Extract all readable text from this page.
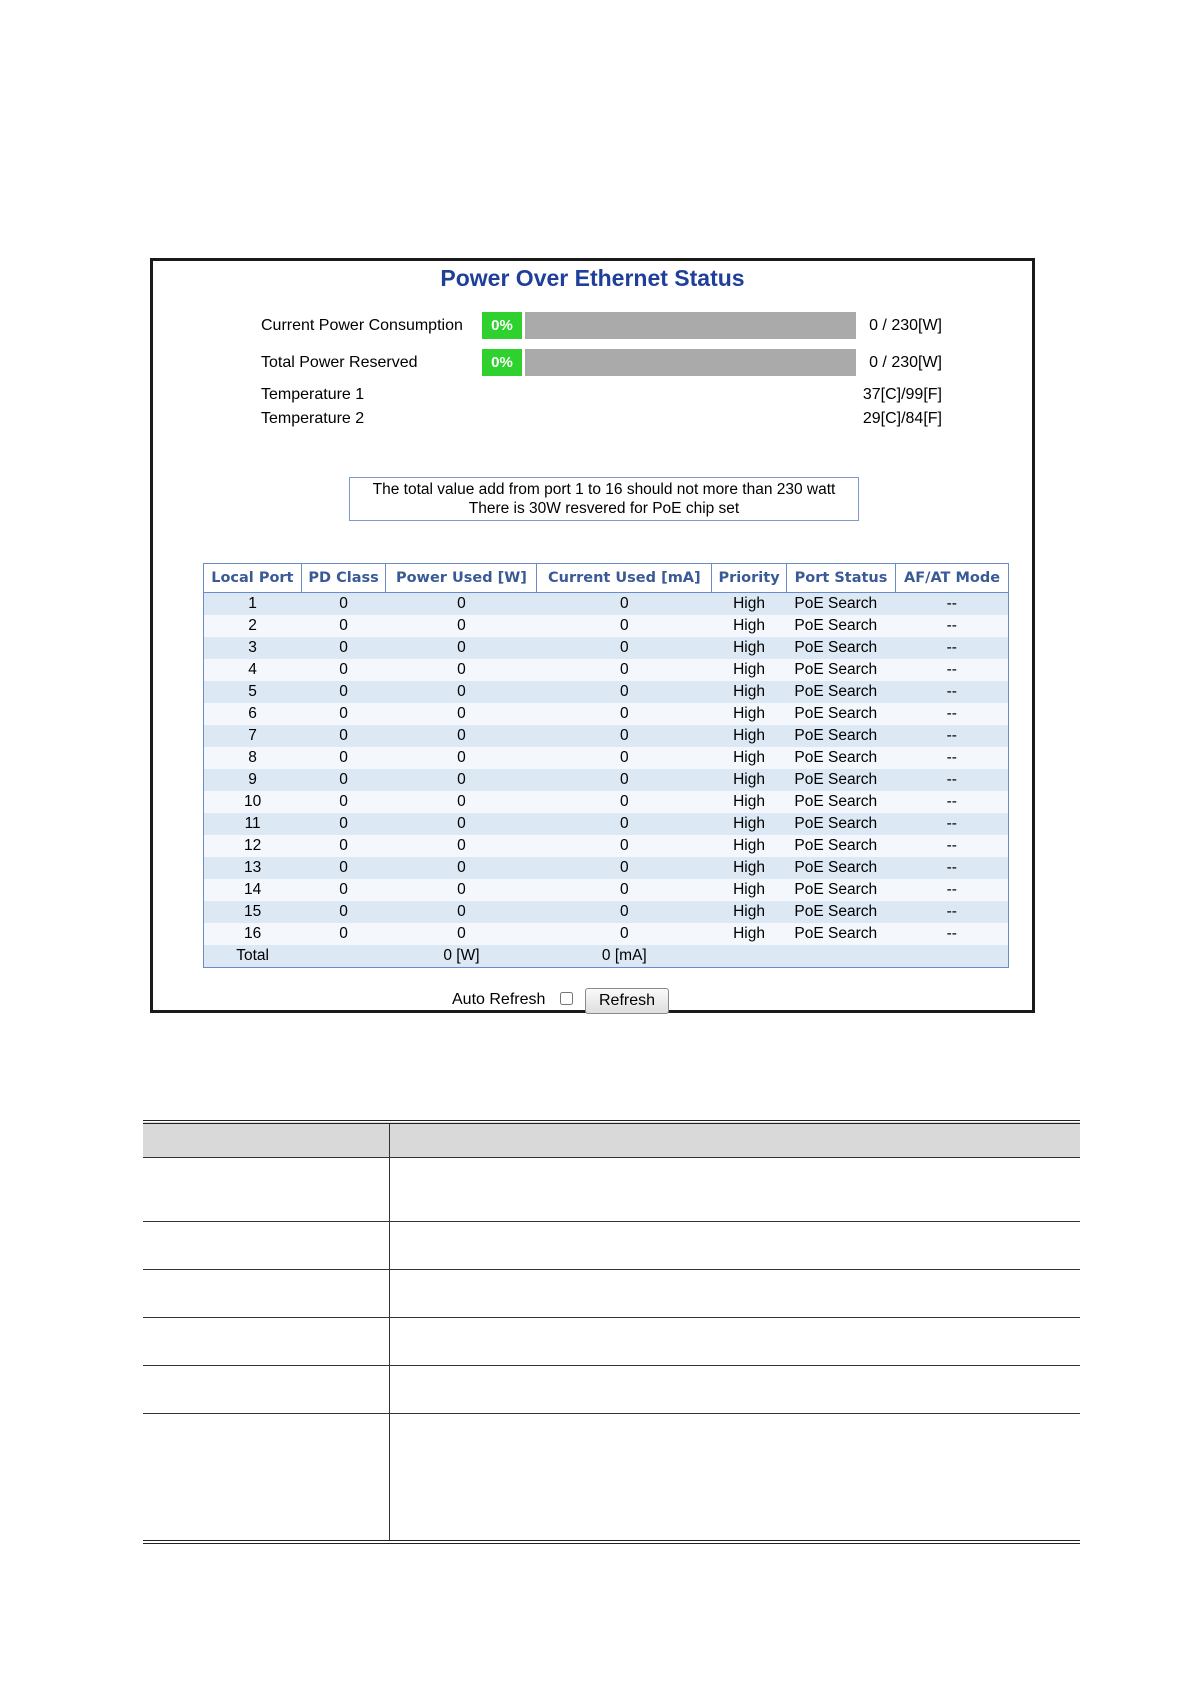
Power Over Ethernet Status
Current Power Consumption	0%	0 / 230[W]
Total Power Reserved	0%	0 / 230[W]
Temperature 1	37[C]/99[F]
Temperature 2	29[C]/84[F]
The total value add from port 1 to 16 should not more than 230 watt
There is 30W resvered for PoE chip set
Local Port	PD Class	Power Used [W]	Current Used [mA]	Priority	Port Status	AF/AT Mode
1	0	0	0	High	PoE Search	--
2	0	0	0	High	PoE Search	--
3	0	0	0	High	PoE Search	--
4	0	0	0	High	PoE Search	--
5	0	0	0	High	PoE Search	--
6	0	0	0	High	PoE Search	--
7	0	0	0	High	PoE Search	--
8	0	0	0	High	PoE Search	--
9	0	0	0	High	PoE Search	--
10	0	0	0	High	PoE Search	--
11	0	0	0	High	PoE Search	--
12	0	0	0	High	PoE Search	--
13	0	0	0	High	PoE Search	--
14	0	0	0	High	PoE Search	--
15	0	0	0	High	PoE Search	--
16	0	0	0	High	PoE Search	--
Total		0 [W]	0 [mA]			
Auto Refresh	Refresh
